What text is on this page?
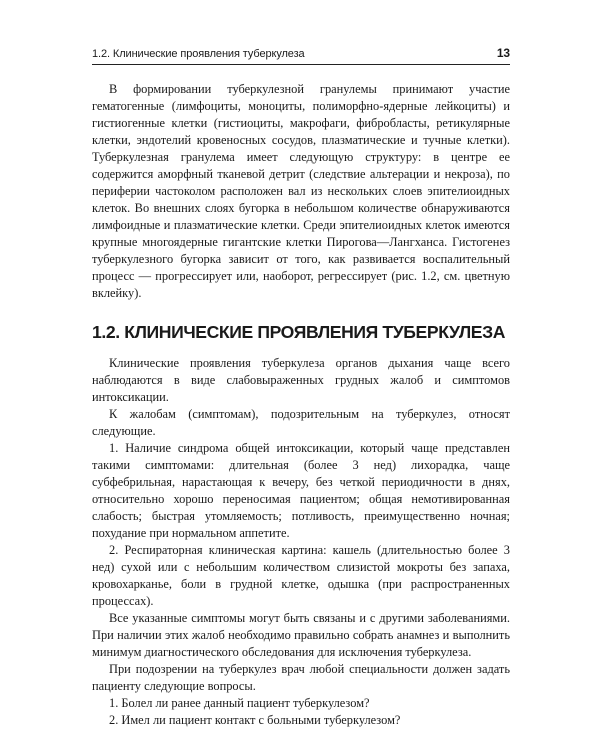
1.2. Клинические проявления туберкулеза	13

В формировании туберкулезной гранулемы принимают участие гематогенные (лимфоциты, моноциты, полиморфно-ядерные лейкоциты) и гистиогенные клетки (гистиоциты, макрофаги, фибробласты, ретикулярные клетки, эндотелий кровеносных сосудов, плазматические и тучные клетки). Туберкулезная гранулема имеет следующую структуру: в центре ее содержится аморфный тканевой детрит (следствие альтерации и некроза), по периферии частоколом расположен вал из нескольких слоев эпителиоидных клеток. Во внешних слоях бугорка в небольшом количестве обнаруживаются лимфоидные и плазматические клетки. Среди эпителиоидных клеток имеются крупные многоядерные гигантские клетки Пирогова—Лангханса. Гистогенез туберкулезного бугорка зависит от того, как развивается воспалительный процесс — прогрессирует или, наоборот, регрессирует (рис. 1.2, см. цветную вклейку).

1.2. КЛИНИЧЕСКИЕ ПРОЯВЛЕНИЯ ТУБЕРКУЛЕЗА

Клинические проявления туберкулеза органов дыхания чаще всего наблюдаются в виде слабовыраженных грудных жалоб и симптомов интоксикации.

К жалобам (симптомам), подозрительным на туберкулез, относят следующие.

1. Наличие синдрома общей интоксикации, который чаще представлен такими симптомами: длительная (более 3 нед) лихорадка, чаще субфебрильная, нарастающая к вечеру, без четкой периодичности в днях, относительно хорошо переносимая пациентом; общая немотивированная слабость; быстрая утомляемость; потливость, преимущественно ночная; похудание при нормальном аппетите.

2. Респираторная клиническая картина: кашель (длительностью более 3 нед) сухой или с небольшим количеством слизистой мокроты без запаха, кровохарканье, боли в грудной клетке, одышка (при распространенных процессах).

Все указанные симптомы могут быть связаны и с другими заболеваниями. При наличии этих жалоб необходимо правильно собрать анамнез и выполнить минимум диагностического обследования для исключения туберкулеза.

При подозрении на туберкулез врач любой специальности должен задать пациенту следующие вопросы.

1. Болел ли ранее данный пациент туберкулезом?

2. Имел ли пациент контакт с больными туберкулезом?
